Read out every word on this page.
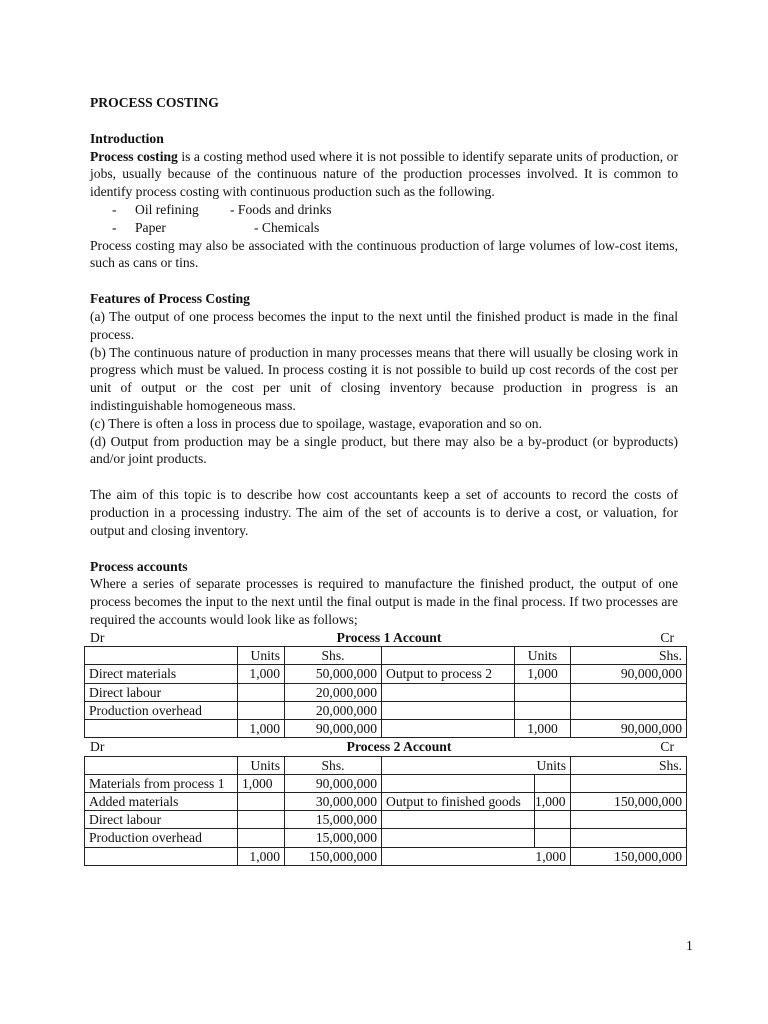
PROCESS COSTING

Introduction

Process costing is a costing method used where it is not possible to identify separate units of production, or jobs, usually because of the continuous nature of the production processes involved. It is common to identify process costing with continuous production such as the following.

- Oil refining - Foods and drinks
- Paper	- Chemicals

Process costing may also be associated with the continuous production of large volumes of low-cost items, such as cans or tins.

Features of Process Costing

(a) The output of one process becomes the input to the next until the finished product is made in the final process.

(b) The continuous nature of production in many processes means that there will usually be closing work in progress which must be valued. In process costing it is not possible to build up cost records of the cost per unit of output or the cost per unit of closing inventory because production in progress is an indistinguishable homogeneous mass.

(c) There is often a loss in process due to spoilage, wastage, evaporation and so on.

(d) Output from production may be a single product, but there may also be a by-product (or byproducts) and/or joint products.

The aim of this topic is to describe how cost accountants keep a set of accounts to record the costs of production in a processing industry. The aim of the set of accounts is to derive a cost, or valuation, for output and closing inventory.

Process accounts

Where a series of separate processes is required to manufacture the finished product, the output of one process becomes the input to the next until the final output is made in the final process. If two processes are required the accounts would look like as follows;

Dr	Process 1 Account	Cr
	Units	Shs.		Units	Shs.
Direct materials	1,000	50,000,000	Output to process 2	1,000	90,000,000
Direct labour		20,000,000			
Production overhead		20,000,000			
	1,000	90,000,000		1,000	90,000,000
Dr	Process 2 Account	Cr
	Units	Shs.	Units		Shs.
Materials from process 1	1,000	90,000,000			
Added materials		30,000,000	Output to finished goods	1,000	150,000,000
Direct labour		15,000,000			
Production overhead		15,000,000			
	1,000	150,000,000	1,000		150,000,000
1
